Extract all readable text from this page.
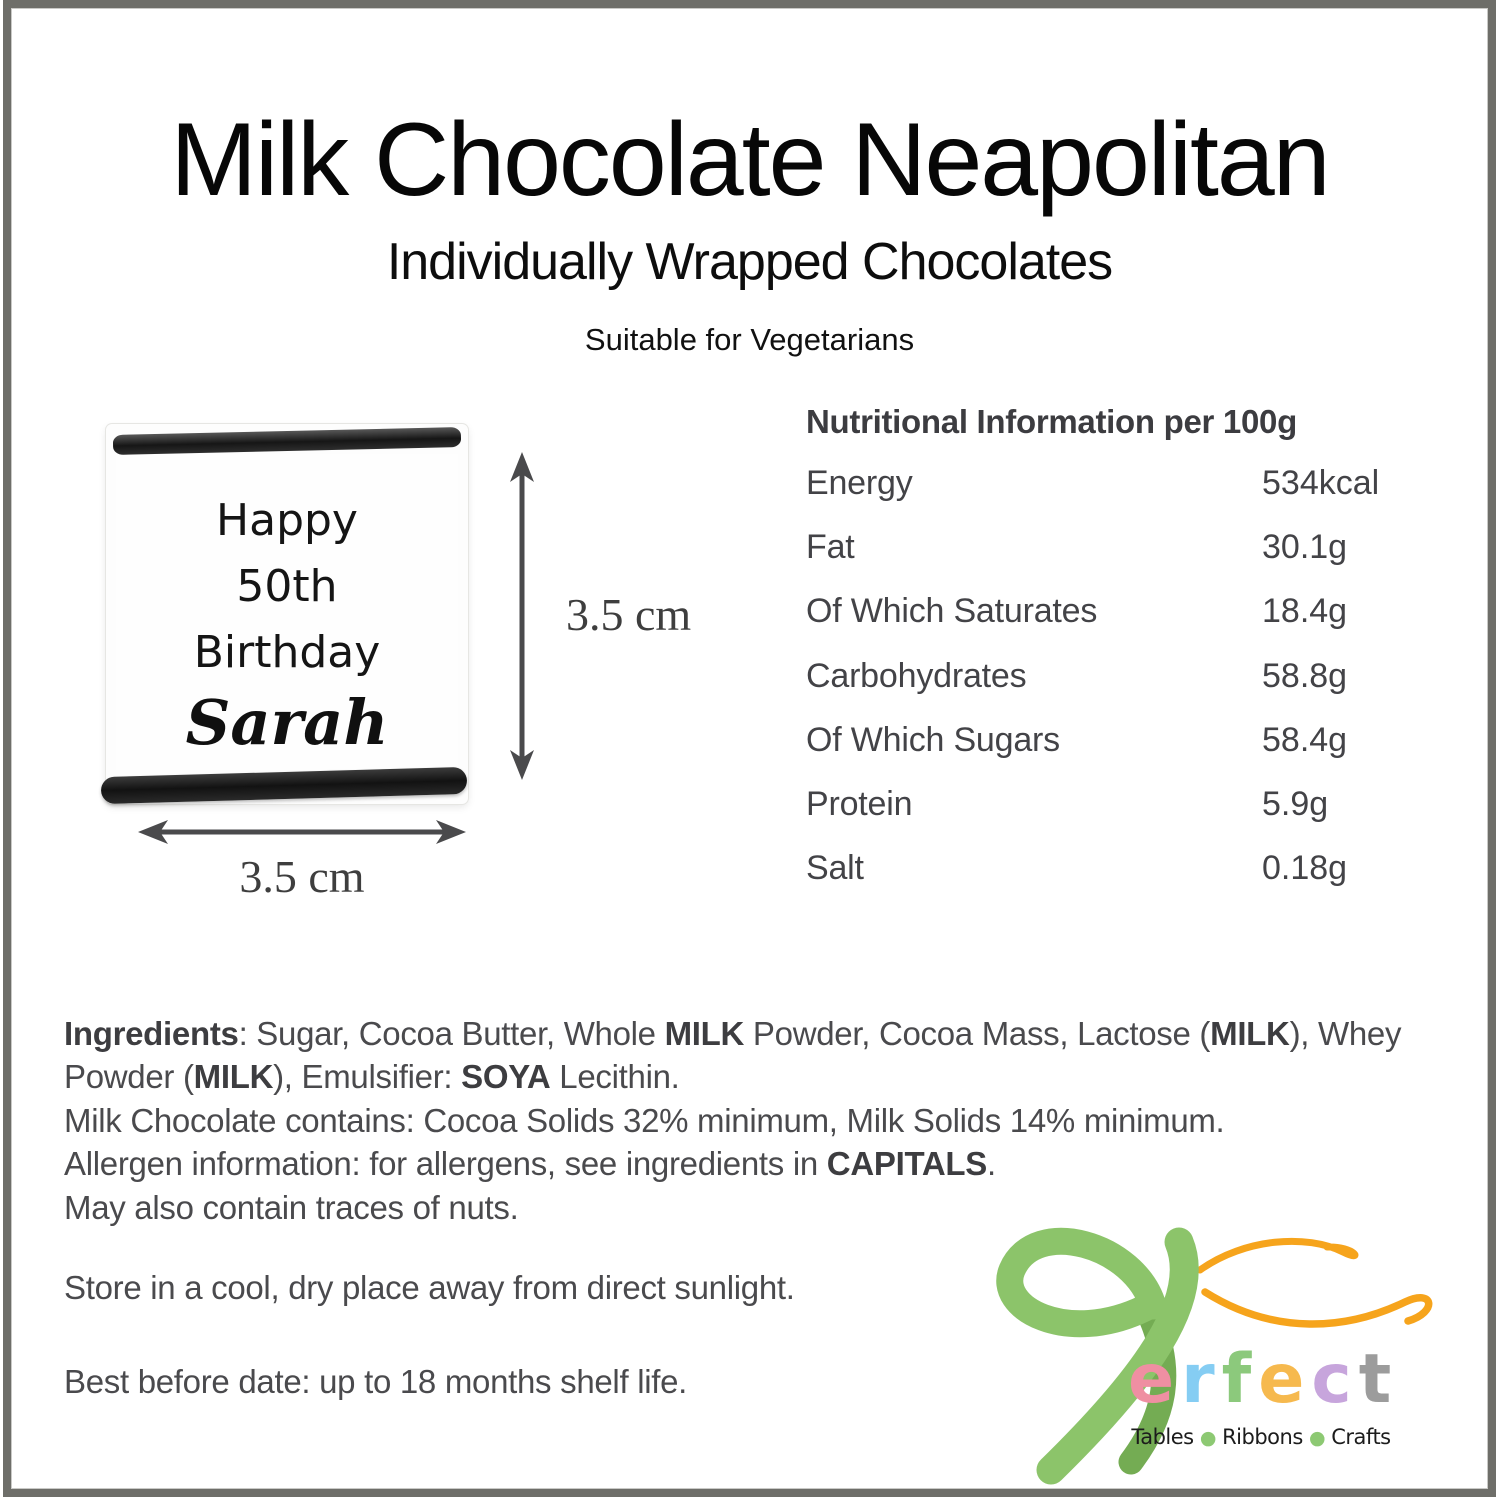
Milk Chocolate Neapolitan
Individually Wrapped Chocolates
Suitable for Vegetarians
Happy
50th
Birthday
Sarah
3.5 cm
3.5 cm
Nutritional Information per 100g
Energy	534kcal
Fat	30.1g
Of Which Saturates	18.4g
Carbohydrates	58.8g
Of Which Sugars	58.4g
Protein	5.9g
Salt	0.18g
Ingredients: Sugar, Cocoa Butter, Whole MILK Powder, Cocoa Mass, Lactose (MILK), Whey
Powder (MILK), Emulsifier: SOYA Lecithin.
Milk Chocolate contains: Cocoa Solids 32% minimum, Milk Solids 14% minimum.
Allergen information: for allergens, see ingredients in CAPITALS.
May also contain traces of nuts.
Store in a cool, dry place away from direct sunlight.
Best before date: up to 18 months shelf life.	e r f e c t
Tables ● Ribbons ● Crafts
